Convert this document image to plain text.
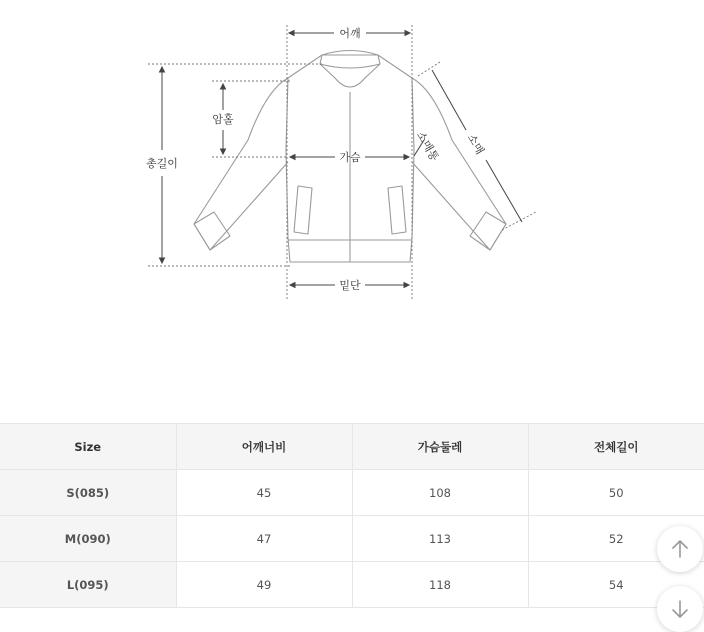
어깨
총길이
암홀
가슴
밑단
소매
소매통
Size	어깨너비	가슴둘레	전체길이
S(085)	45	108	50
M(090)	47	113	52
L(095)	49	118	54
